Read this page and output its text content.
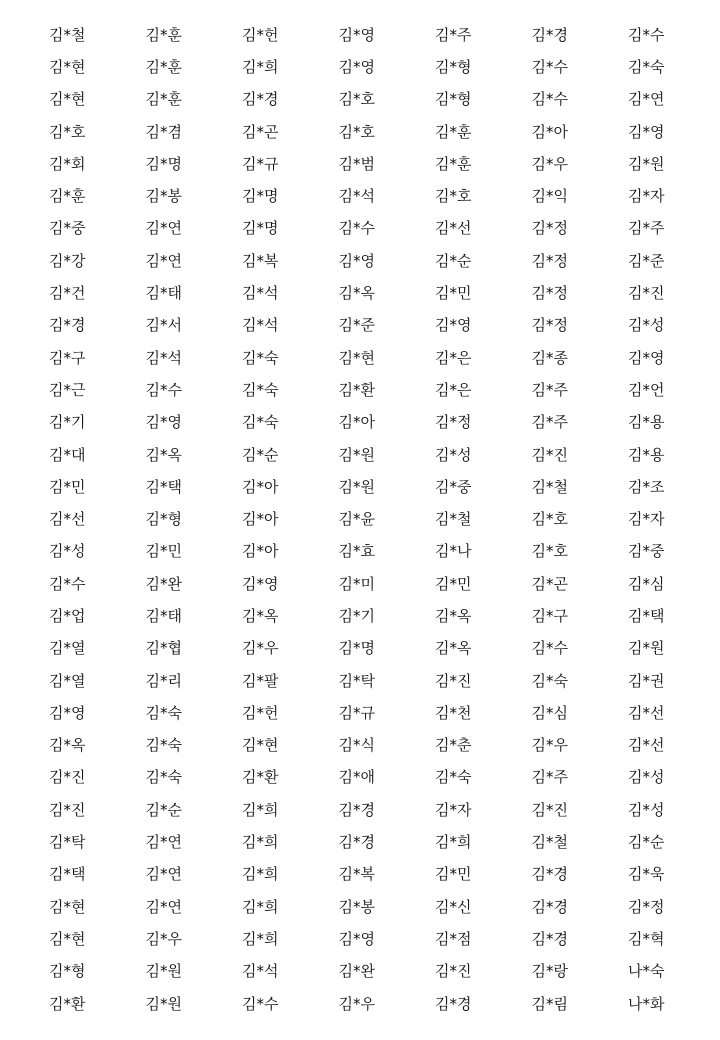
김*철	김*훈	김*헌	김*영	김*주	김*경	김*수
김*현	김*훈	김*희	김*영	김*형	김*수	김*숙
김*현	김*훈	김*경	김*호	김*형	김*수	김*연
김*호	김*겸	김*곤	김*호	김*훈	김*아	김*영
김*회	김*명	김*규	김*범	김*훈	김*우	김*원
김*훈	김*봉	김*명	김*석	김*호	김*익	김*자
김*중	김*연	김*명	김*수	김*선	김*정	김*주
김*강	김*연	김*복	김*영	김*순	김*정	김*준
김*건	김*태	김*석	김*옥	김*민	김*정	김*진
김*경	김*서	김*석	김*준	김*영	김*정	김*성
김*구	김*석	김*숙	김*현	김*은	김*종	김*영
김*근	김*수	김*숙	김*환	김*은	김*주	김*언
김*기	김*영	김*숙	김*아	김*정	김*주	김*용
김*대	김*옥	김*순	김*원	김*성	김*진	김*용
김*민	김*택	김*아	김*원	김*중	김*철	김*조
김*선	김*형	김*아	김*윤	김*철	김*호	김*자
김*성	김*민	김*아	김*효	김*나	김*호	김*중
김*수	김*완	김*영	김*미	김*민	김*곤	김*심
김*업	김*태	김*옥	김*기	김*옥	김*구	김*택
김*열	김*협	김*우	김*명	김*옥	김*수	김*원
김*열	김*리	김*팔	김*탁	김*진	김*숙	김*권
김*영	김*숙	김*헌	김*규	김*천	김*심	김*선
김*옥	김*숙	김*현	김*식	김*춘	김*우	김*선
김*진	김*숙	김*환	김*애	김*숙	김*주	김*성
김*진	김*순	김*희	김*경	김*자	김*진	김*성
김*탁	김*연	김*희	김*경	김*희	김*철	김*순
김*택	김*연	김*희	김*복	김*민	김*경	김*욱
김*현	김*연	김*희	김*봉	김*신	김*경	김*정
김*현	김*우	김*희	김*영	김*점	김*경	김*혁
김*형	김*원	김*석	김*완	김*진	김*랑	나*숙
김*환	김*원	김*수	김*우	김*경	김*림	나*화
